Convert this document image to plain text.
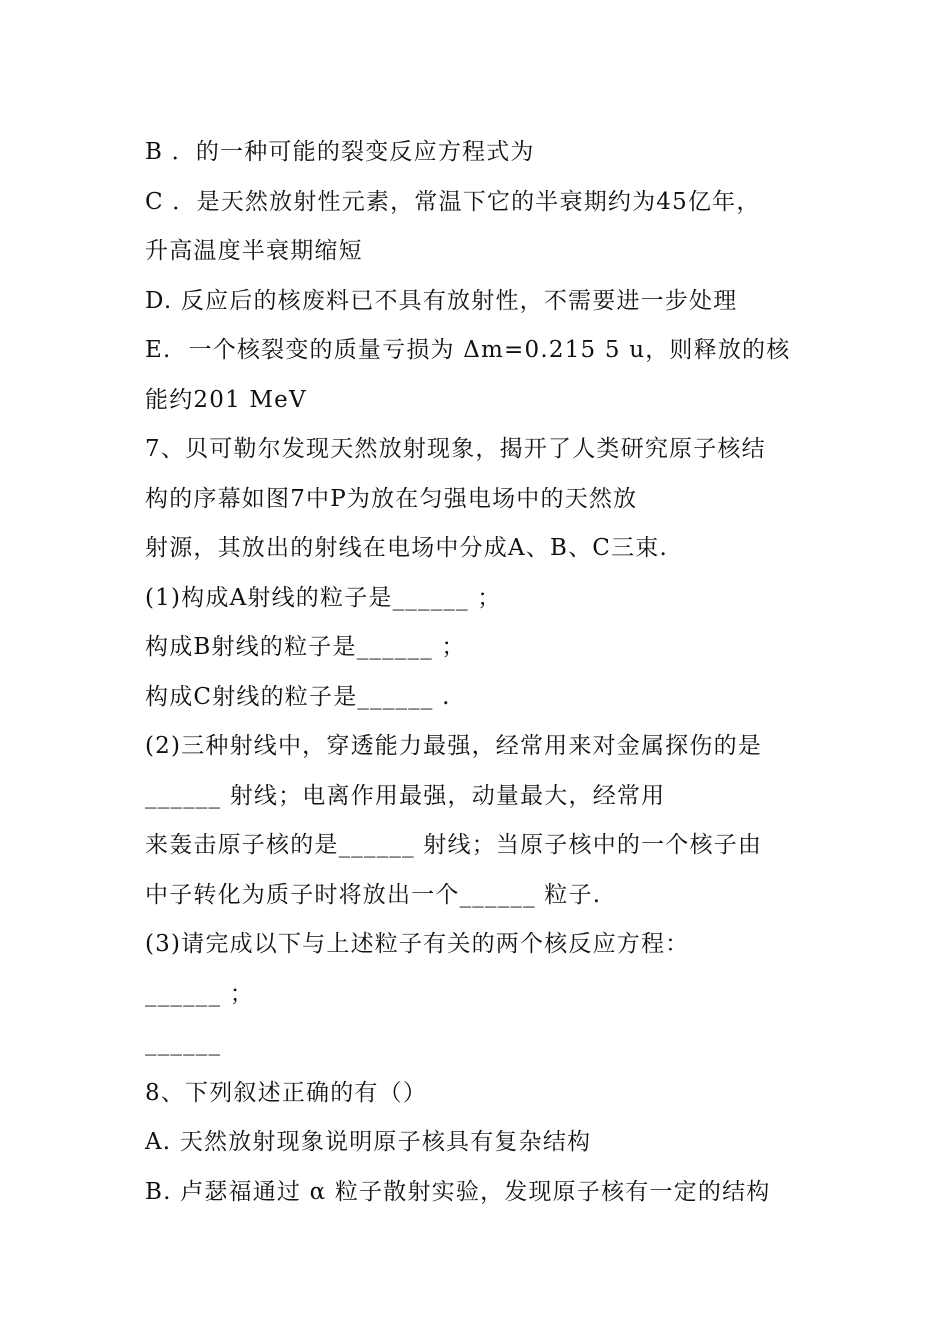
B ．的一种可能的裂变反应方程式为
C ．是天然放射性元素，常温下它的半衰期约为45亿年，
升高温度半衰期缩短
D. 反应后的核废料已不具有放射性，不需要进一步处理
E.  一个核裂变的质量亏损为 Δm=0.215 5 u，则释放的核
能约201 MeV
7、贝可勒尔发现天然放射现象，揭开了人类研究原子核结
构的序幕如图7中P为放在匀强电场中的天然放
射源，其放出的射线在电场中分成A、B、C三束.
(1)构成A射线的粒子是______ ；
构成B射线的粒子是______ ；
构成C射线的粒子是______ .
(2)三种射线中，穿透能力最强，经常用来对金属探伤的是
______ 射线；电离作用最强，动量最大，经常用
来轰击原子核的是______ 射线；当原子核中的一个核子由
中子转化为质子时将放出一个______ 粒子.
(3)请完成以下与上述粒子有关的两个核反应方程：
______ ；
______
8、下列叙述正确的有（）
A. 天然放射现象说明原子核具有复杂结构
B. 卢瑟福通过 α 粒子散射实验，发现原子核有一定的结构
